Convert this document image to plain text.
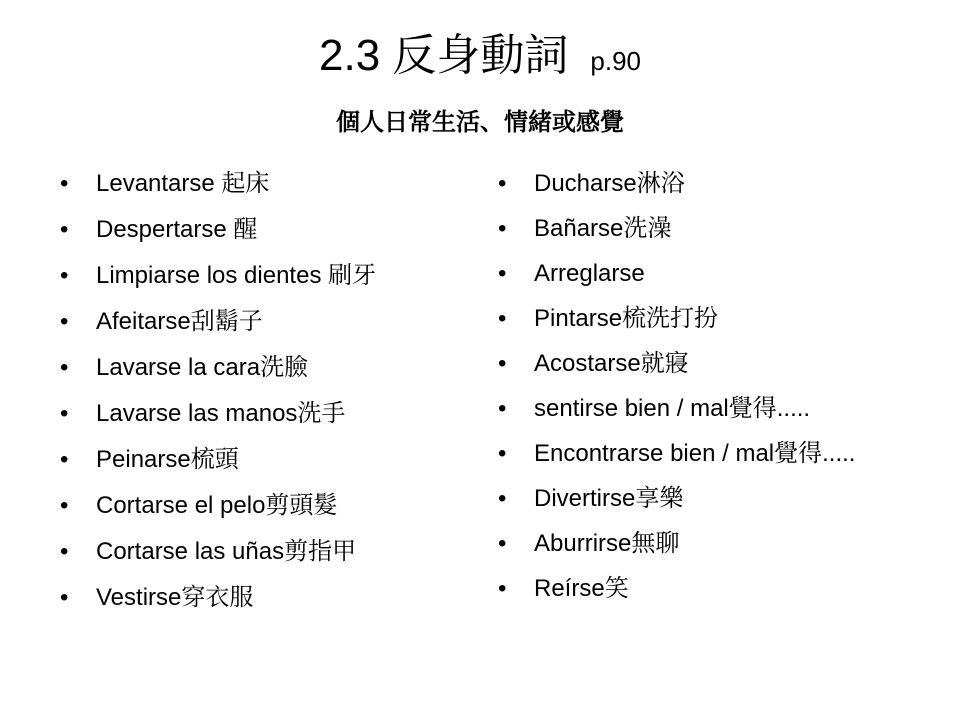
2.3 反身動詞 p.90
個人日常生活、情緒或感覺
• Levantarse 起床
• Despertarse 醒
• Limpiarse los dientes 刷牙
• Afeitarse刮鬍子
• Lavarse la cara洗臉
• Lavarse las manos洗手
• Peinarse梳頭
• Cortarse el pelo剪頭髮
• Cortarse las uñas剪指甲
• Vestirse穿衣服
• Ducharse淋浴
• Bañarse洗澡
• Arreglarse
• Pintarse梳洗打扮
• Acostarse就寢
• sentirse bien / mal覺得.....
• Encontrarse bien / mal覺得.....
• Divertirse享樂
• Aburrirse無聊
• Reírse笑
